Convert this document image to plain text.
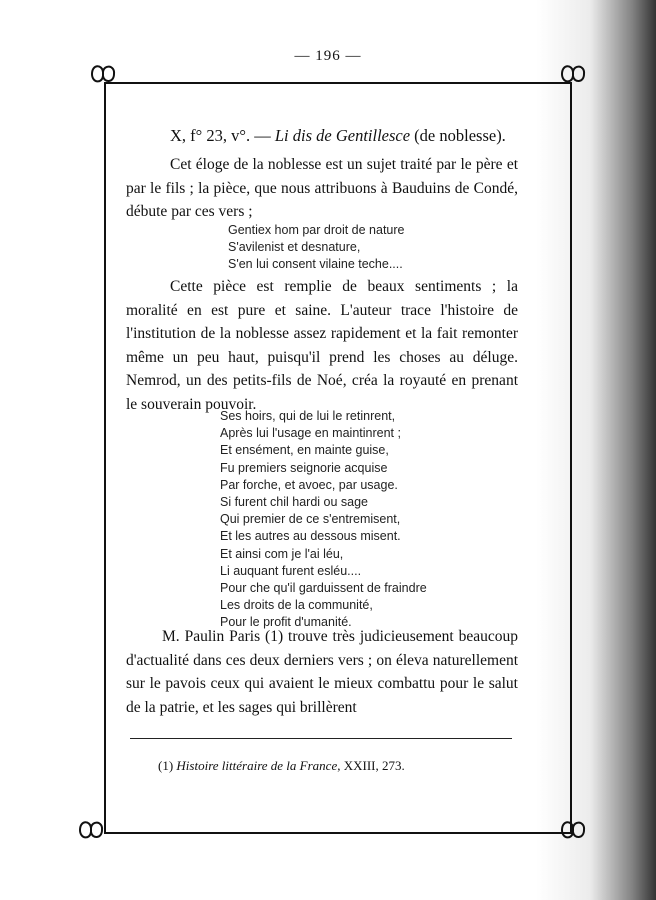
— 196 —
X, f° 23, v°. — Li dis de Gentillesce (de noblesse).
Cet éloge de la noblesse est un sujet traité par le père et par le fils ; la pièce, que nous attribuons à Bauduins de Condé, débute par ces vers ;
Gentiex hom par droit de nature
S'avilenist et desnature,
S'en lui consent vilaine teche....
Cette pièce est remplie de beaux sentiments ; la moralité en est pure et saine. L'auteur trace l'histoire de l'institution de la noblesse assez rapidement et la fait remonter même un peu haut, puisqu'il prend les choses au déluge. Nemrod, un des petits-fils de Noé, créa la royauté en prenant le souverain pouvoir.
Ses hoirs, qui de lui le retinrent,
Après lui l'usage en maintinrent ;
Et ensément, en mainte guise,
Fu premiers seignorie acquise
Par forche, et avoec, par usage.
Si furent chil hardi ou sage
Qui premier de ce s'entremisent,
Et les autres au dessous misent.
Et ainsi com je l'ai léu,
Li auquant furent esléu....
Pour che qu'il garduissent de fraindre
Les droits de la communité,
Pour le profit d'umanité.
M. Paulin Paris (1) trouve très judicieusement beaucoup d'actualité dans ces deux derniers vers ; on éleva naturellement sur le pavois ceux qui avaient le mieux combattu pour le salut de la patrie, et les sages qui brillèrent
(1) Histoire littéraire de la France, XXIII, 273.
